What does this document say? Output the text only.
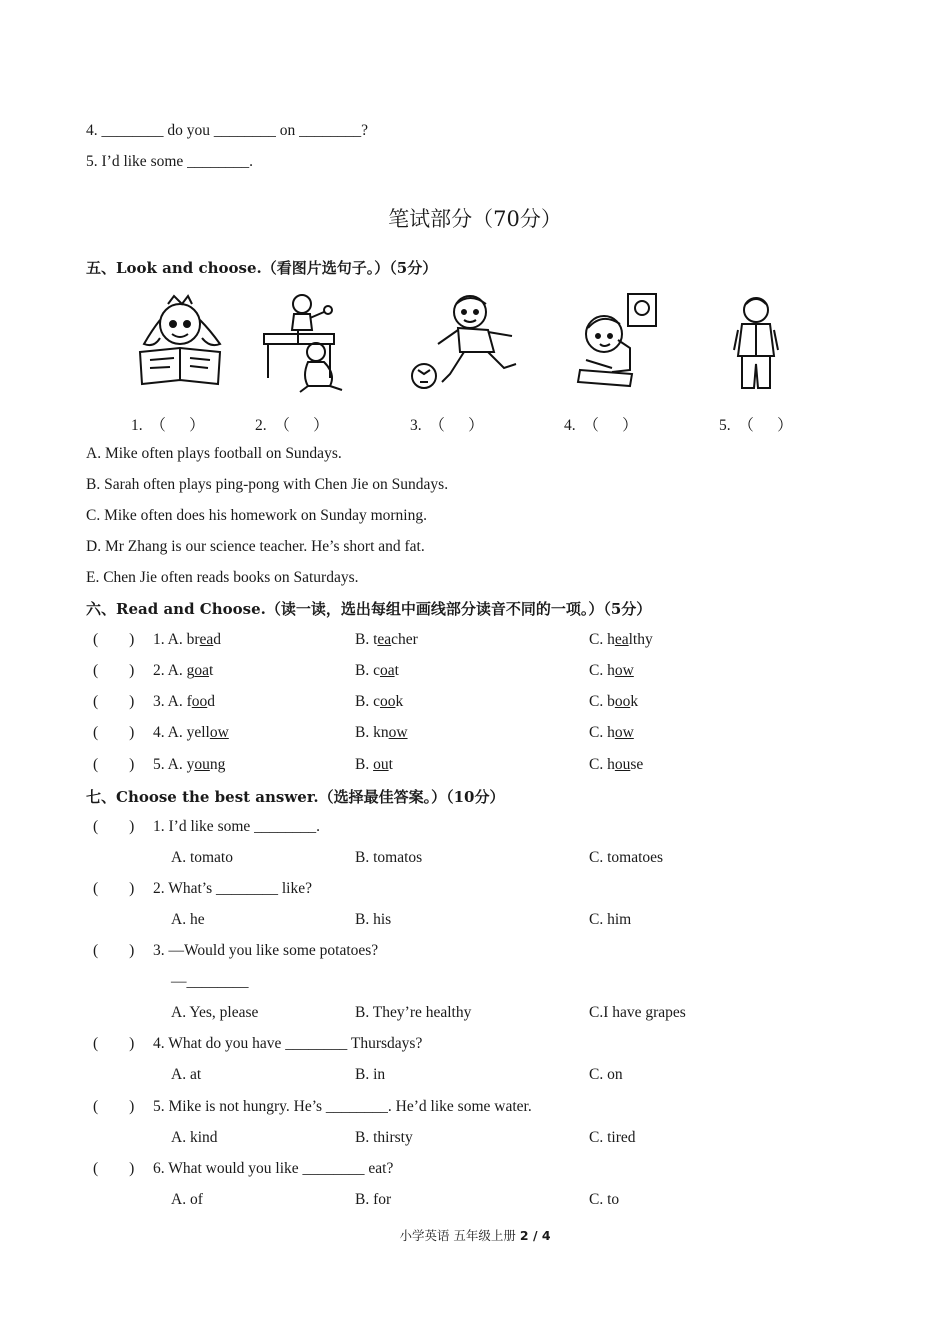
4. ________ do you ________ on ________?
5. I’d like some ________.
笔试部分（70分）
五、Look and choose.（看图片选句子。）（5分）
1.  （      ）	2.  （      ）	3.  （      ）	4.  （      ）	5.  （      ）
A. Mike often plays football on Sundays.
B. Sarah often plays ping-pong with Chen Jie on Sundays.
C. Mike often does his homework on Sunday morning.
D. Mr Zhang is our science teacher. He’s short and fat.
E. Chen Jie often reads books on Saturdays.
六、Read and Choose.（读一读，选出每组中画线部分读音不同的一项。）（5分）
(        ) 1. A. bread	B. teacher	C. healthy
(        ) 2. A. goat	B. coat	C. how
(        ) 3. A. food	B. cook	C. book
(        ) 4. A. yellow	B. know	C. how
(        ) 5. A. young	B. out	C. house
七、Choose the best answer.（选择最佳答案。）（10分）
(        ) 1. I’d like some ________.
A. tomato	B. tomatos	C. tomatoes
(        ) 2. What’s ________ like?
A. he	B. his	C. him
(        ) 3. —Would you like some potatoes?
—________
A. Yes, please	B. They’re healthy	C.I have grapes
(        ) 4. What do you have ________ Thursdays?
A. at	B. in	C. on
(        ) 5. Mike is not hungry. He’s ________. He’d like some water.
A. kind	B. thirsty	C. tired
(        ) 6. What would you like ________ eat?
A. of	B. for	C. to
小学英语 五年级上册 2 / 4
